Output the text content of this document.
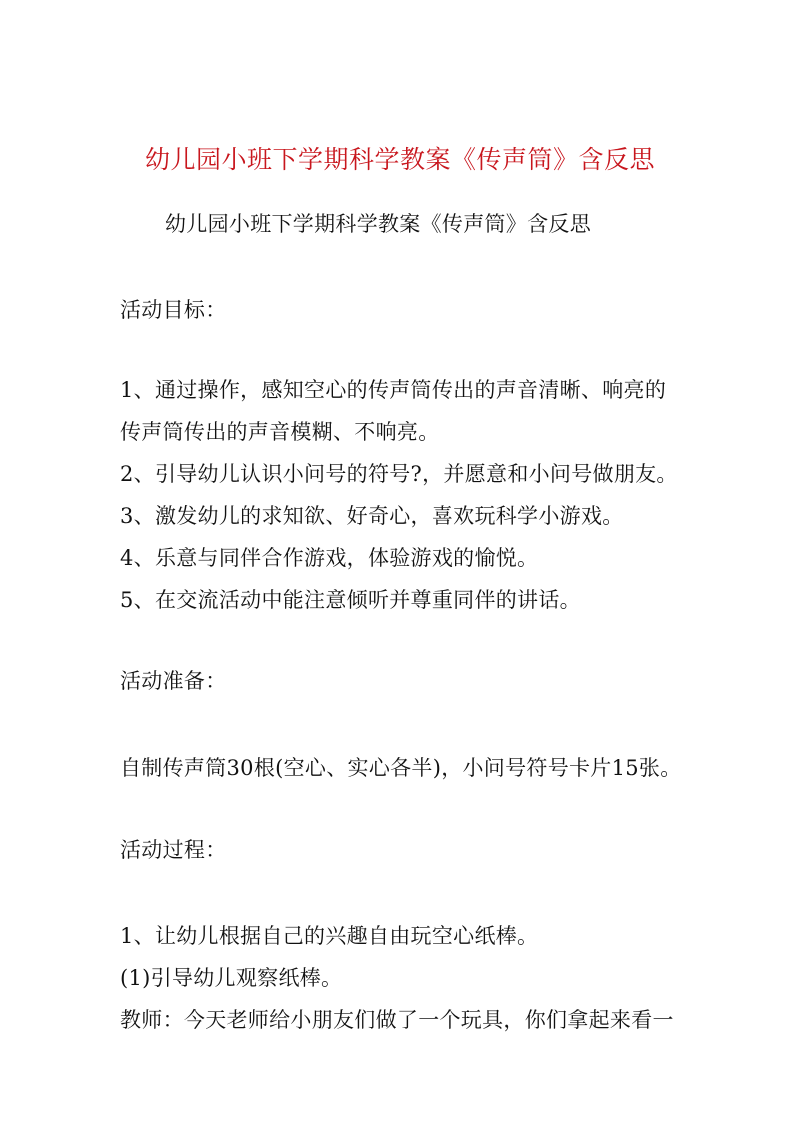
幼儿园小班下学期科学教案《传声筒》含反思
幼儿园小班下学期科学教案《传声筒》含反思
活动目标：
1、通过操作，感知空心的传声筒传出的声音清晰、响亮的
传声筒传出的声音模糊、不响亮。
2、引导幼儿认识小问号的符号?，并愿意和小问号做朋友。
3、激发幼儿的求知欲、好奇心，喜欢玩科学小游戏。
4、乐意与同伴合作游戏，体验游戏的愉悦。
5、在交流活动中能注意倾听并尊重同伴的讲话。
活动准备：
自制传声筒30根(空心、实心各半)，小问号符号卡片15张。
活动过程：
1、让幼儿根据自己的兴趣自由玩空心纸棒。
(1)引导幼儿观察纸棒。
教师：今天老师给小朋友们做了一个玩具，你们拿起来看一
